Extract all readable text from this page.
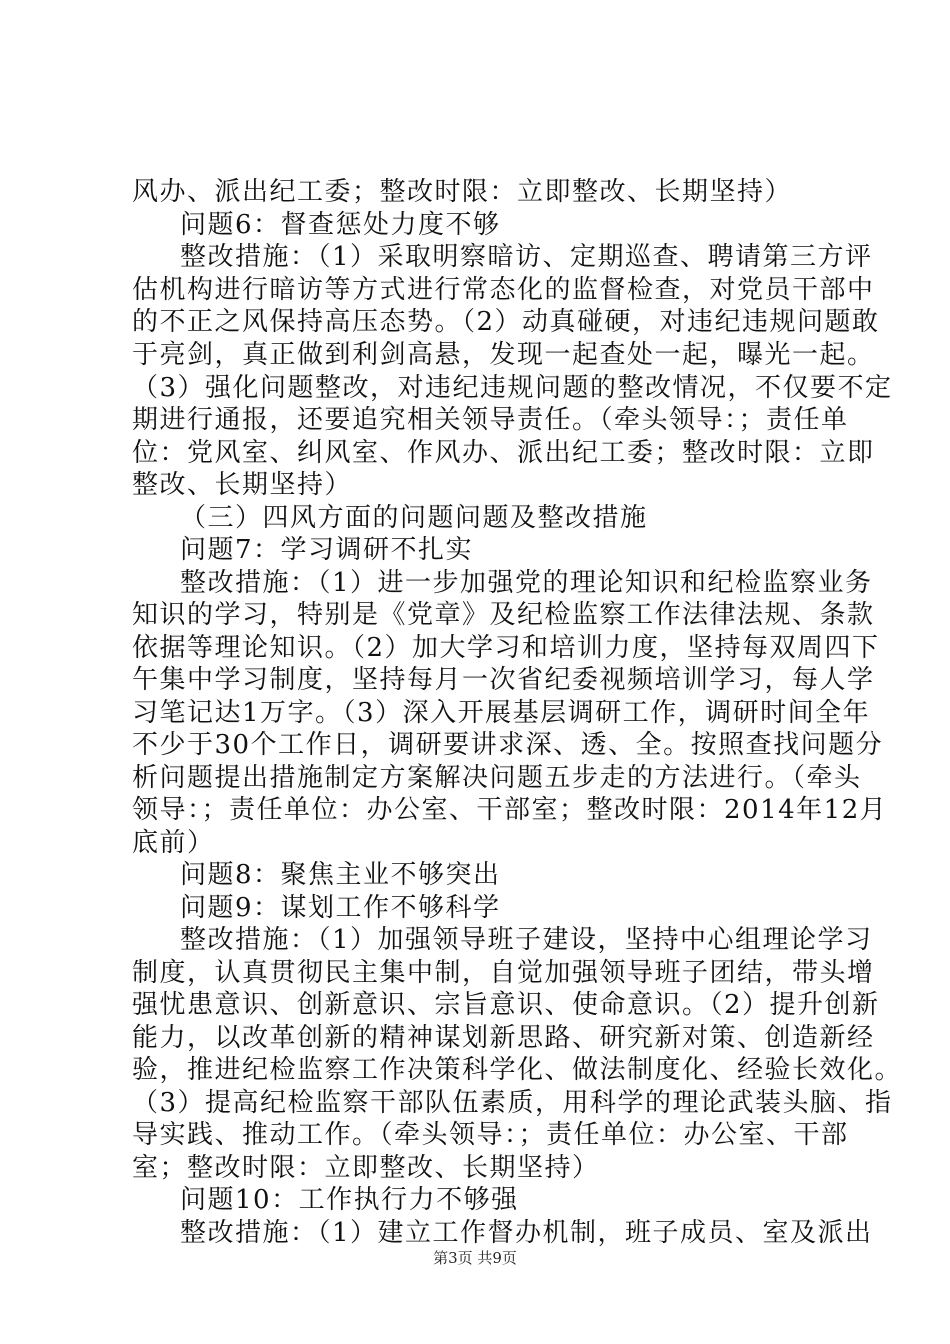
风办、派出纪工委；整改时限：立即整改、长期坚持）
问题6：督查惩处力度不够
整改措施：（1）采取明察暗访、定期巡查、聘请第三方评
估机构进行暗访等方式进行常态化的监督检查，对党员干部中
的不正之风保持高压态势。（2）动真碰硬，对违纪违规问题敢
于亮剑，真正做到利剑高悬，发现一起查处一起，曝光一起。
（3）强化问题整改，对违纪违规问题的整改情况，不仅要不定
期进行通报，还要追究相关领导责任。（牵头领导：；责任单
位：党风室、纠风室、作风办、派出纪工委；整改时限：立即
整改、长期坚持）
（三）四风方面的问题问题及整改措施
问题7：学习调研不扎实
整改措施：（1）进一步加强党的理论知识和纪检监察业务
知识的学习，特别是《党章》及纪检监察工作法律法规、条款
依据等理论知识。（2）加大学习和培训力度，坚持每双周四下
午集中学习制度，坚持每月一次省纪委视频培训学习，每人学
习笔记达1万字。（3）深入开展基层调研工作，调研时间全年
不少于30个工作日，调研要讲求深、透、全。按照查找问题分
析问题提出措施制定方案解决问题五步走的方法进行。（牵头
领导：；责任单位：办公室、干部室；整改时限：2014年12月
底前）
问题8：聚焦主业不够突出
问题9：谋划工作不够科学
整改措施：（1）加强领导班子建设，坚持中心组理论学习
制度，认真贯彻民主集中制，自觉加强领导班子团结，带头增
强忧患意识、创新意识、宗旨意识、使命意识。（2）提升创新
能力，以改革创新的精神谋划新思路、研究新对策、创造新经
验，推进纪检监察工作决策科学化、做法制度化、经验长效化。
（3）提高纪检监察干部队伍素质，用科学的理论武装头脑、指
导实践、推动工作。（牵头领导：；责任单位：办公室、干部
室；整改时限：立即整改、长期坚持）
问题10：工作执行力不够强
整改措施：（1）建立工作督办机制，班子成员、室及派出
第3页 共9页
